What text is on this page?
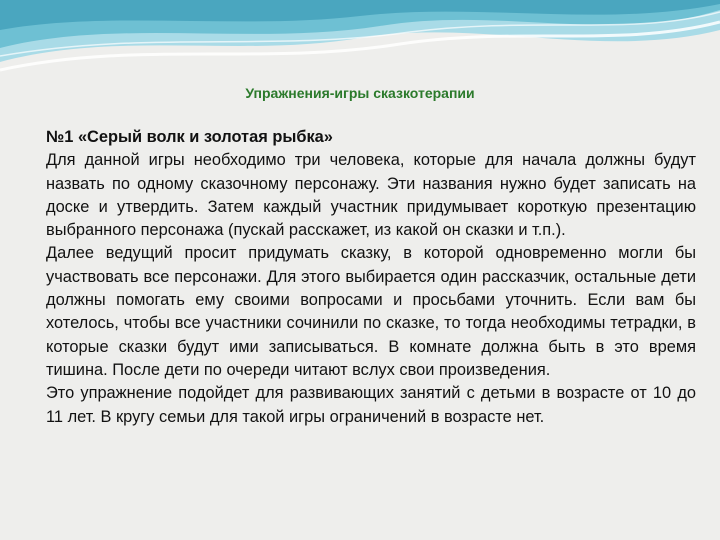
Упражнения-игры сказкотерапии

№1 «Серый волк и золотая рыбка»

Для данной игры необходимо три человека, которые для начала должны будут назвать по одному сказочному персонажу. Эти названия нужно будет записать на доске и утвердить. Затем каждый участник придумывает короткую презентацию выбранного персонажа (пускай расскажет, из какой он сказки и т.п.).

Далее ведущий просит придумать сказку, в которой одновременно могли бы участвовать все персонажи. Для этого выбирается один рассказчик, остальные дети должны помогать ему своими вопросами и просьбами уточнить. Если вам бы хотелось, чтобы все участники сочинили по сказке, то тогда необходимы тетрадки, в которые сказки будут ими записываться. В комнате должна быть в это время тишина. После дети по очереди читают вслух свои произведения.

Это упражнение подойдет для развивающих занятий с детьми в возрасте от 10 до 11 лет. В кругу семьи для такой игры ограничений в возрасте нет.
